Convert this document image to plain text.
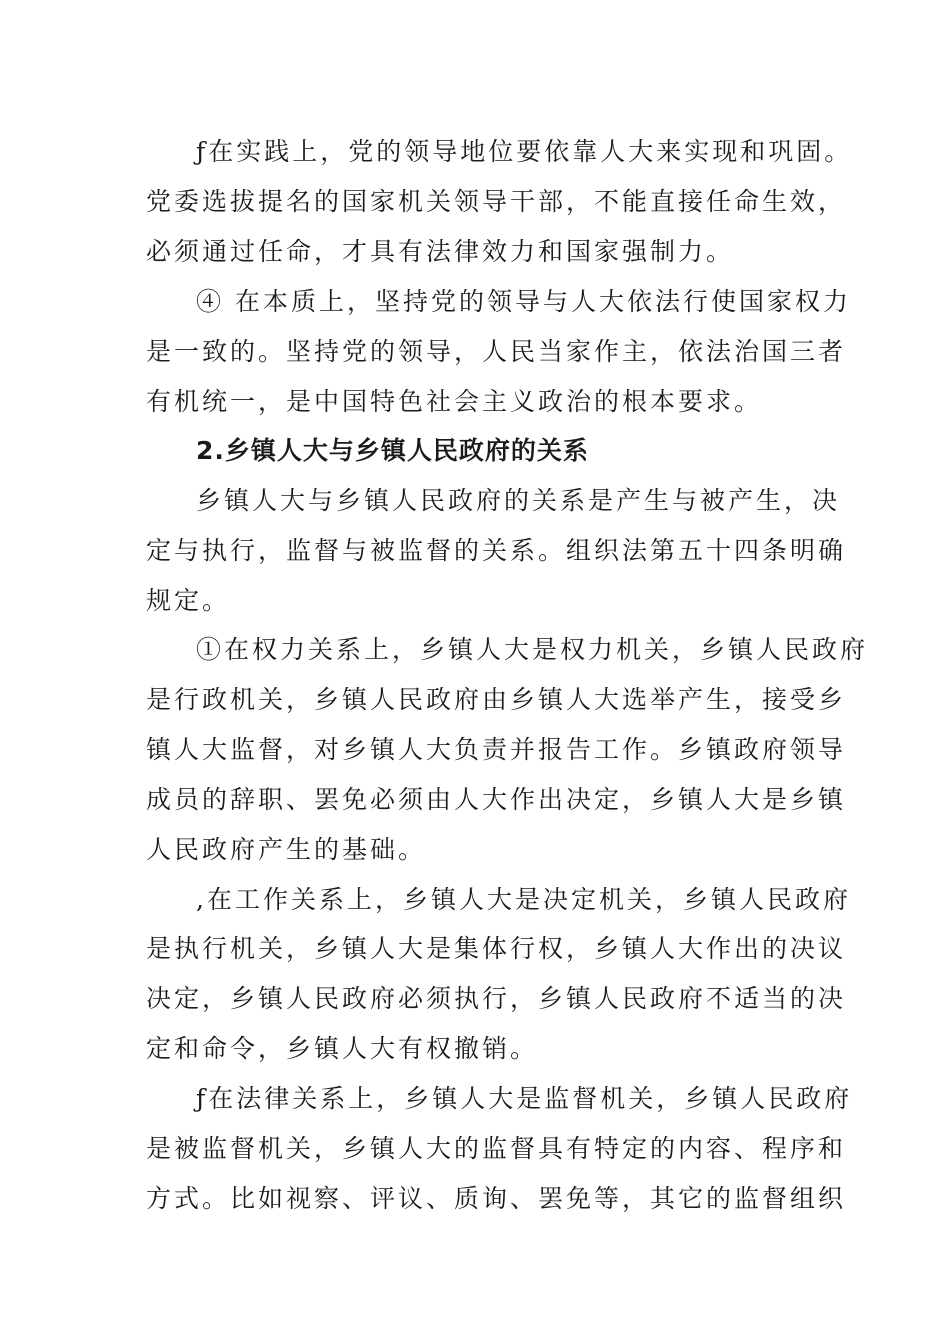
ƒ在实践上，党的领导地位要依靠人大来实现和巩固。
党委选拔提名的国家机关领导干部，不能直接任命生效，
必须通过任命，才具有法律效力和国家强制力。
④ 在本质上，坚持党的领导与人大依法行使国家权力
是一致的。坚持党的领导，人民当家作主，依法治国三者
有机统一，是中国特色社会主义政治的根本要求。
2.乡镇人大与乡镇人民政府的关系
乡镇人大与乡镇人民政府的关系是产生与被产生，决
定与执行，监督与被监督的关系。组织法第五十四条明确
规定。
①在权力关系上，乡镇人大是权力机关，乡镇人民政府
是行政机关，乡镇人民政府由乡镇人大选举产生，接受乡
镇人大监督，对乡镇人大负责并报告工作。乡镇政府领导
成员的辞职、罢免必须由人大作出决定，乡镇人大是乡镇
人民政府产生的基础。
,在工作关系上，乡镇人大是决定机关，乡镇人民政府
是执行机关，乡镇人大是集体行权，乡镇人大作出的决议
决定，乡镇人民政府必须执行，乡镇人民政府不适当的决
定和命令，乡镇人大有权撤销。
ƒ在法律关系上，乡镇人大是监督机关，乡镇人民政府
是被监督机关，乡镇人大的监督具有特定的内容、程序和
方式。比如视察、评议、质询、罢免等，其它的监督组织
